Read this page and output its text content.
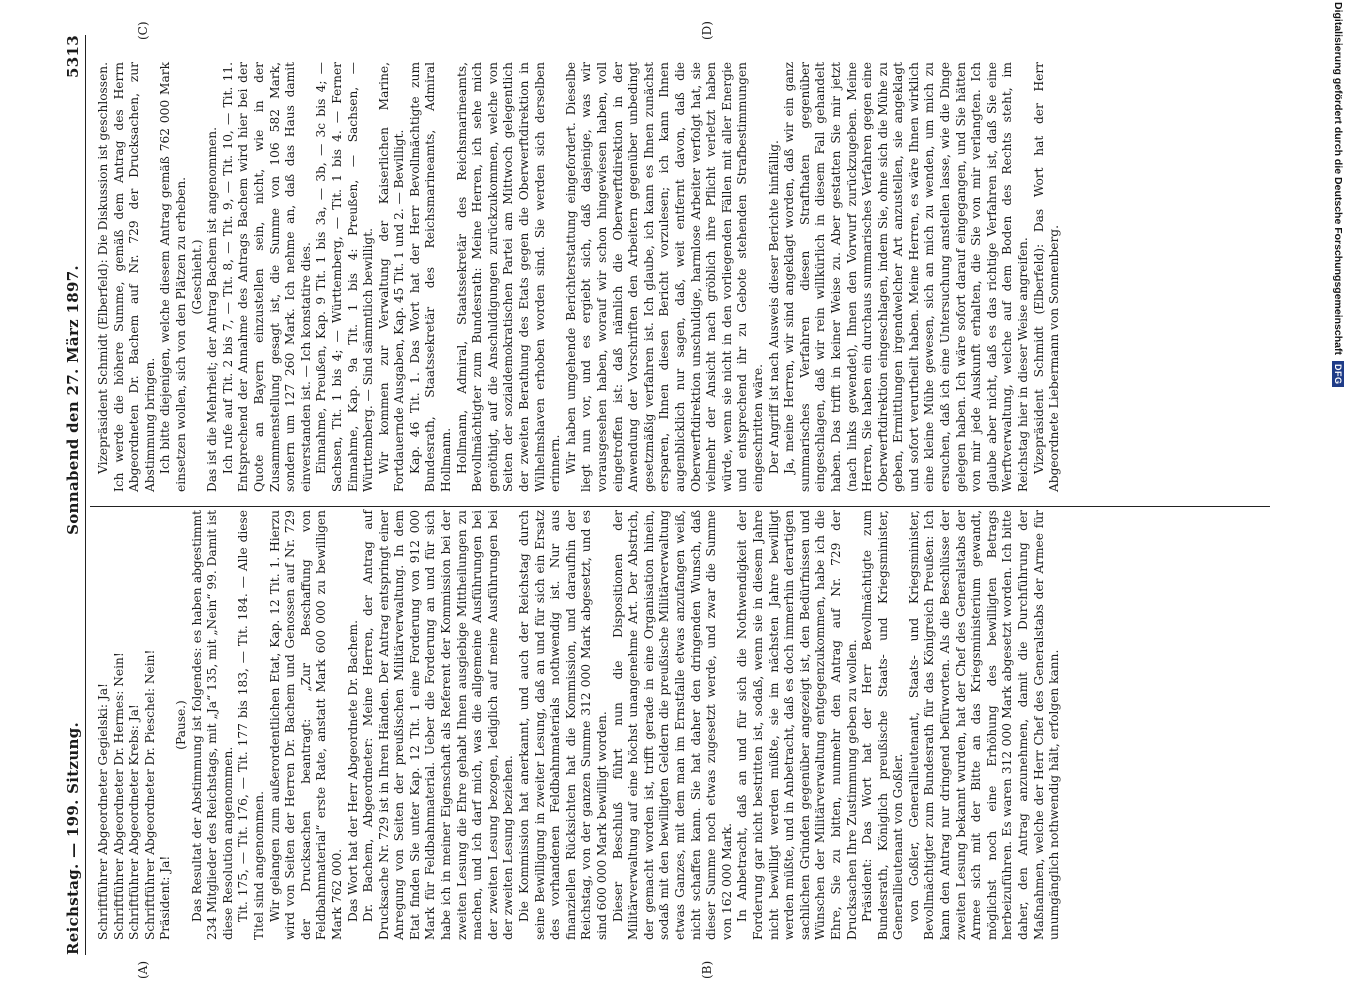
Reichstag. — 199. Sitzung.
Sonnabend den 27. März 1897.
5313
(A)	(B)
(C)	(D)

Schriftführer Abgeordneter Gegielski: Ja! Schriftführer Abgeordneter Dr. Hermes: Nein! Schriftführer Abgeordneter Krebs: Ja! Schriftführer Abgeordneter Dr. Pieschel: Nein! Präsident: Ja!

(Pause.) Das Resultat der Abstimmung ist folgendes: es haben abgestimmt 234 Mitglieder des Reichstags, mit „Ja“ 135, mit „Nein“ 99. Damit ist diese Resolution angenommen. Tit. 175, — Tit. 176, — Tit. 177 bis 183, — Tit. 184. — Alle diese Titel sind angenommen. Wir gelangen zum außerordentlichen Etat, Kap. 12 Tit. 1. Hierzu wird von Seiten der Herren Dr. Bachem und Genossen auf Nr. 729 der Drucksachen beantragt: „Zur Beschaffung von Feldbahnmaterial“ erste Rate, anstatt Mark 600 000 zu bewilligen Mark 762 000. Das Wort hat der Herr Abgeordnete Dr. Bachem. Dr. Bachem, Abgeordneter: Meine Herren, der Antrag auf Drucksache Nr. 729 ist in Ihren Händen. Der Antrag entspringt einer Anregung von Seiten der preußischen Militärverwaltung. In dem Etat finden Sie unter Kap. 12 Tit. 1 eine Forderung von 912 000 Mark für Feldbahnmaterial. Ueber die Forderung an und für sich habe ich in meiner Eigenschaft als Referent der Kommission bei der zweiten Lesung die Ehre gehabt Ihnen ausgiebige Mittheilungen zu machen, und ich darf mich, was die allgemeine Ausführungen bei der zweiten Lesung bezogen, lediglich auf meine Ausführungen bei der zweiten Lesung beziehen. Die Kommission hat anerkannt, und auch der Reichstag durch seine Bewilligung in zweiter Lesung, daß an und für sich ein Ersatz des vorhandenen Feldbahnmaterials nothwendig ist. Nur aus finanziellen Rücksichten hat die Kommission, und daraufhin der Reichstag, von der ganzen Summe 312 000 Mark abgesetzt, und es sind 600 000 Mark bewilligt worden. Dieser Beschluß führt nun die Dispositionen der Militärverwaltung auf eine höchst unangenehme Art. Der Abstrich, der gemacht worden ist, trifft gerade in eine Organisation hinein, sodaß mit den bewilligten Geldern die preußische Militärverwaltung etwas Ganzes, mit dem man im Ernstfalle etwas anzufangen weiß, nicht schaffen kann. Sie hat daher den dringenden Wunsch, daß dieser Summe noch etwas zugesetzt werde, und zwar die Summe von 162 000 Mark. In Anbetracht, daß an und für sich die Nothwendigkeit der Forderung gar nicht bestritten ist, sodaß, wenn sie in diesem Jahre nicht bewilligt werden müßte, sie im nächsten Jahre bewilligt werden müßte, und in Anbetracht, daß es doch immerhin derartigen sachlichen Gründen gegenüber angezeigt ist, den Bedürfnissen und Wünschen der Militärverwaltung entgegenzukommen, habe ich die Ehre, Sie zu bitten, nunmehr den Antrag auf Nr. 729 der Drucksachen Ihre Zustimmung geben zu wollen. Präsident: Das Wort hat der Herr Bevollmächtigte zum Bundesrath, Königlich preußische Staats- und Kriegsminister, Generallieutenant von Goßler. von Goßler, Generallieutenant, Staats- und Kriegsminister, Bevollmächtigter zum Bundesrath für das Königreich Preußen: Ich kann den Antrag nur dringend befürworten. Als die Beschlüsse der zweiten Lesung bekannt wurden, hat der Chef des Generalstabs der Armee sich mit der Bitte an das Kriegsministerium gewandt, möglichst noch eine Erhöhung des bewilligten Betrags herbeizuführen. Es waren 312 000 Mark abgesetzt worden. Ich bitte daher, den Antrag anzunehmen, damit die Durchführung der Maßnahmen, welche der Herr Chef des Generalstabs der Armee für unumgänglich nothwendig hält, erfolgen kann.

Vizepräsident Schmidt (Elberfeld): Die Diskussion ist geschlossen. Ich werde die höhere Summe, gemäß dem Antrag des Herrn Abgeordneten Dr. Bachem auf Nr. 729 der Drucksachen, zur Abstimmung bringen. Ich bitte diejenigen, welche diesem Antrag gemäß 762 000 Mark einsetzen wollen, sich von den Plätzen zu erheben. (Geschieht.) Das ist die Mehrheit; der Antrag Bachem ist angenommen. Ich rufe auf Tit. 2 bis 7, — Tit. 8, — Tit. 9, — Tit. 10, — Tit. 11. Entsprechend der Annahme des Antrags Bachem wird hier bei der Quote an Bayern einzustellen sein, nicht, wie in der Zusammenstellung gesagt ist, die Summe von 106 582 Mark, sondern um 127 260 Mark. Ich nehme an, daß das Haus damit einverstanden ist. — Ich konstatire dies. Einnahme, Preußen, Kap. 9 Tit. 1 bis 3a, — 3b, — 3c bis 4; — Sachsen, Tit. 1 bis 4; — Württemberg, — Tit. 1 bis 4. — Ferner Einnahme, Kap. 9a Tit. 1 bis 4: Preußen, — Sachsen, — Württemberg. — Sind sämmtlich bewilligt. Wir kommen zur Verwaltung der Kaiserlichen Marine, Fortdauernde Ausgaben, Kap. 45 Tit. 1 und 2. — Bewilligt. Kap. 46 Tit. 1. Das Wort hat der Herr Bevollmächtigte zum Bundesrath, Staatssekretär des Reichsmarineamts, Admiral Hollmann. Hollmann, Admiral, Staatssekretär des Reichsmarineamts, Bevollmächtigter zum Bundesrath: Meine Herren, ich sehe mich genöthigt, auf die Anschuldigungen zurückzukommen, welche von Seiten der sozialdemokratischen Partei am Mittwoch gelegentlich der zweiten Berathung des Etats gegen die Oberwerftdirektion in Wilhelmshaven erhoben worden sind. Sie werden sich derselben erinnern. Wir haben umgehende Berichterstattung eingefordert. Dieselbe liegt nun vor, und es ergiebt sich, daß dasjenige, was wir vorausgesehen haben, worauf wir schon hingewiesen haben, voll eingetroffen ist: daß nämlich die Oberwerftdirektion in der Anwendung der Vorschriften den Arbeitern gegenüber unbedingt gesetzmäßig verfahren ist. Ich glaube, ich kann es Ihnen zunächst ersparen, Ihnen diesen Bericht vorzulesen; ich kann Ihnen augenblicklich nur sagen, daß, weit entfernt davon, daß die Oberwerftdirektion unschuldige, harmlose Arbeiter verfolgt hat, sie vielmehr der Ansicht nach gröblich ihre Pflicht verletzt haben würde, wenn sie nicht in den vorliegenden Fällen mit aller Energie und entsprechend ihr zu Gebote stehenden Strafbestimmungen eingeschritten wäre. Der Angriff ist nach Ausweis dieser Berichte hinfällig. Ja, meine Herren, wir sind angeklagt worden, daß wir ein ganz summarisches Verfahren diesen Strafthaten gegenüber eingeschlagen, daß wir rein willkürlich in diesem Fall gehandelt haben. Das trifft in keiner Weise zu. Aber gestatten Sie mir jetzt (nach links gewendet), Ihnen den Vorwurf zurückzugeben. Meine Herren, Sie haben ein durchaus summarisches Verfahren gegen eine Oberwerftdirektion eingeschlagen, indem Sie, ohne sich die Mühe zu geben, Ermittlungen irgendwelcher Art anzustellen, sie angeklagt und sofort verurtheilt haben. Meine Herren, es wäre Ihnen wirklich eine kleine Mühe gewesen, sich an mich zu wenden, um mich zu ersuchen, daß ich eine Untersuchung anstellen lasse, wie die Dinge gelegen haben. Ich wäre sofort darauf eingegangen, und Sie hätten von mir jede Auskunft erhalten, die Sie von mir verlangten. Ich glaube aber nicht, daß es das richtige Verfahren ist, daß Sie eine Werftverwaltung, welche auf dem Boden des Rechts steht, im Reichstag hier in dieser Weise angreifen. Vizepräsident Schmidt (Elberfeld): Das Wort hat der Herr Abgeordnete Liebermann von Sonnenberg.

Digitalisierung gefördert durch die Deutsche Forschungsgemeinschaft
DFG
